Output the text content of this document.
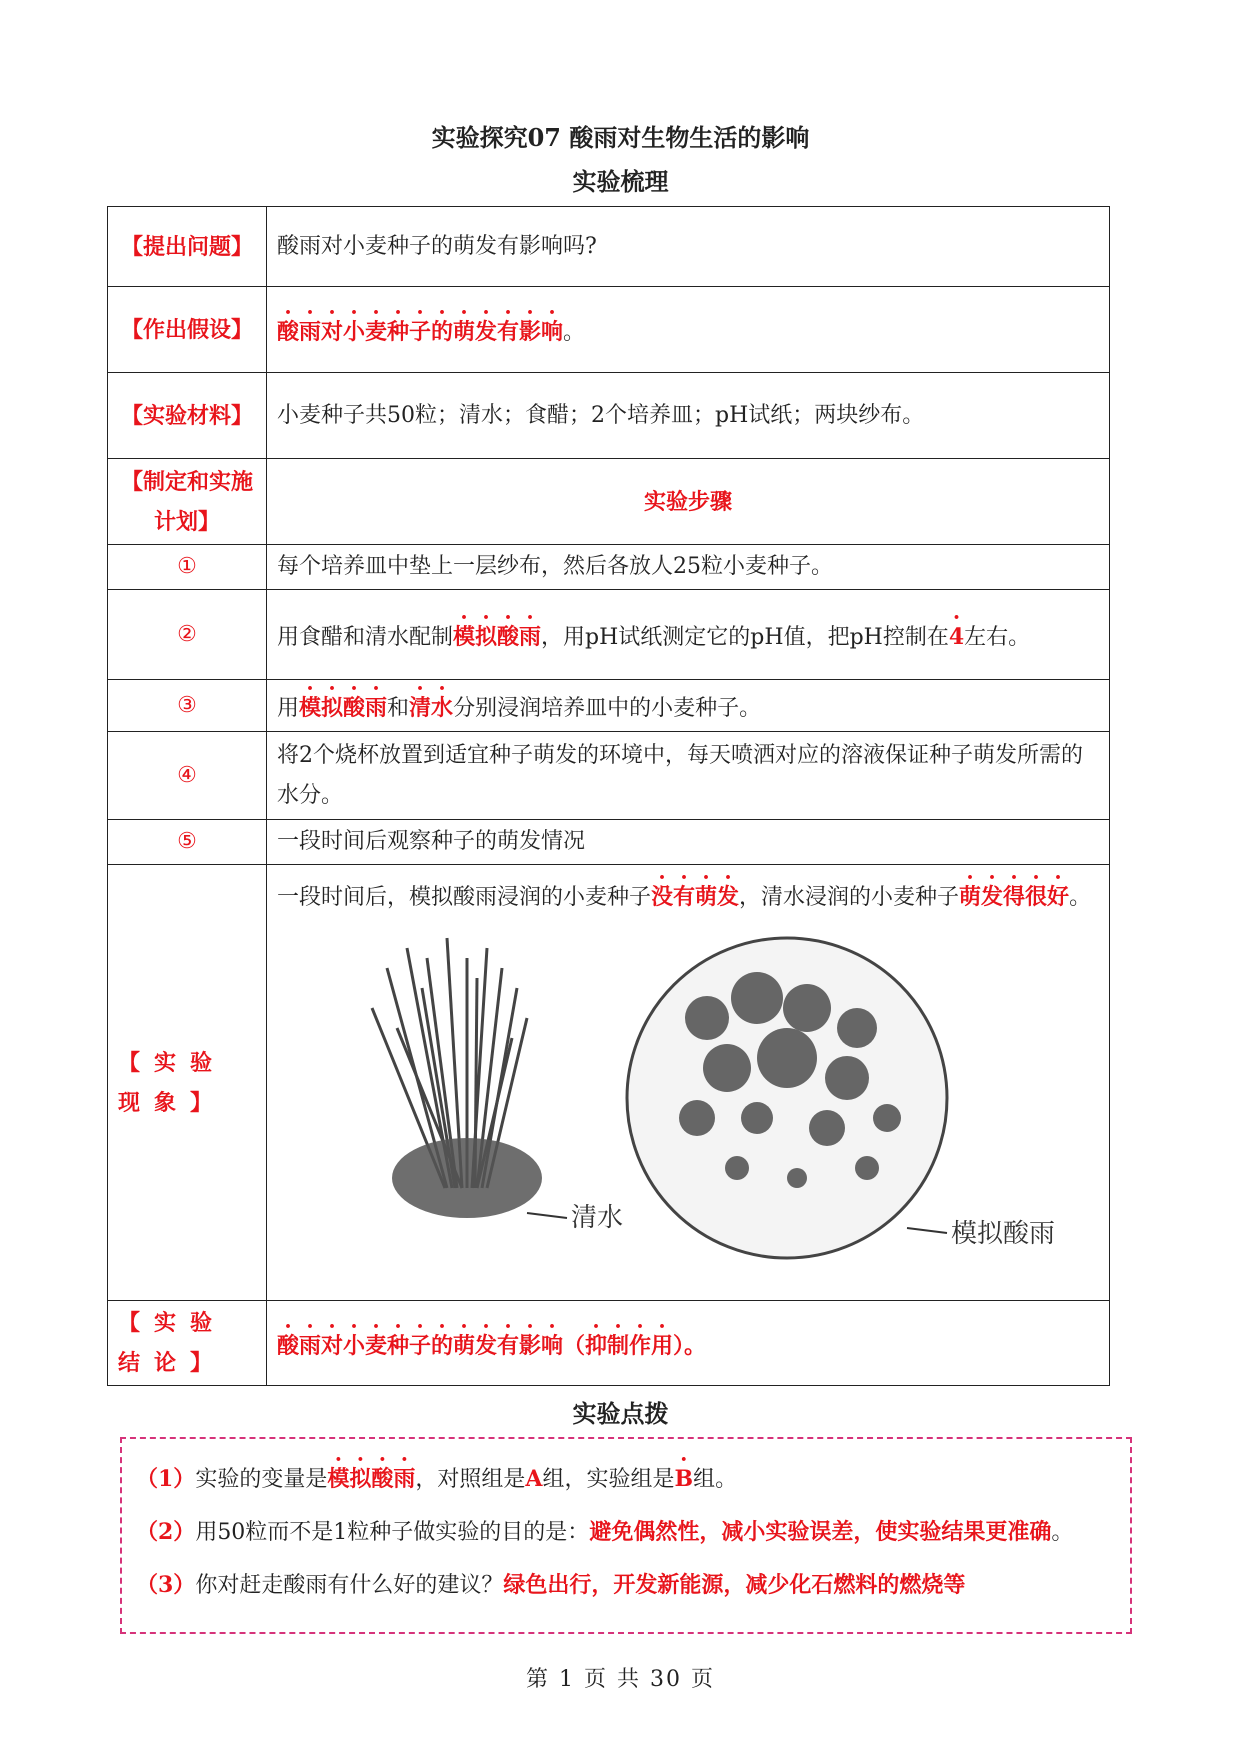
实验探究07 酸雨对生物生活的影响
实验梳理
【提出问题】	酸雨对小麦种子的萌发有影响吗?
【作出假设】	酸雨对小麦种子的萌发有影响。
【实验材料】	小麦种子共50粒；清水；食醋；2个培养皿；pH试纸；两块纱布。
【制定和实施计划】	实验步骤
①	每个培养皿中垫上一层纱布，然后各放人25粒小麦种子。
②	用食醋和清水配制模拟酸雨，用pH试纸测定它的pH值，把pH控制在4左右。
③	用模拟酸雨和清水分别浸润培养皿中的小麦种子。
④	将2个烧杯放置到适宜种子萌发的环境中，每天喷洒对应的溶液保证种子萌发所需的水分。
⑤	一段时间后观察种子的萌发情况
【实验现象】	一段时间后，模拟酸雨浸润的小麦种子没有萌发，清水浸润的小麦种子萌发得很好。
清水
模拟酸雨

【实验结论】	酸雨对小麦种子的萌发有影响（抑制作用）。
实验点拨

（1）实验的变量是模拟酸雨，对照组是A组，实验组是B组。

（2）用50粒而不是1粒种子做实验的目的是：避免偶然性，减小实验误差，使实验结果更准确。

（3）你对赶走酸雨有什么好的建议？绿色出行，开发新能源，减少化石燃料的燃烧等

第 1 页 共 30 页
